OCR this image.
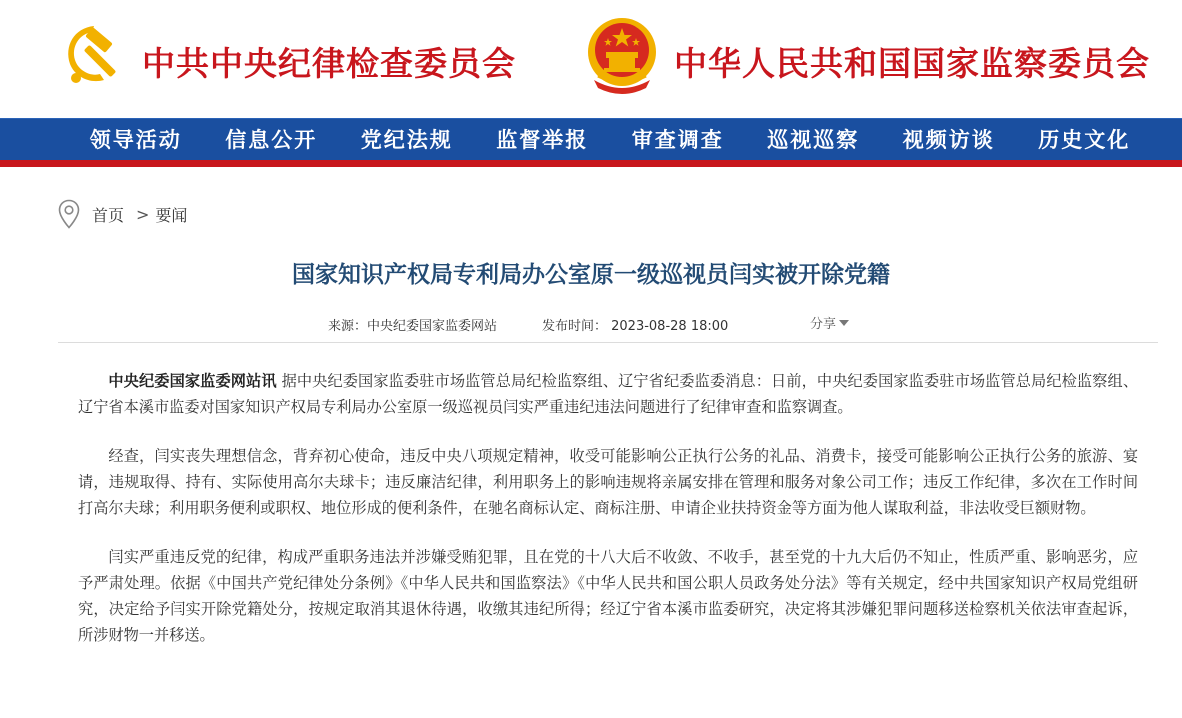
中共中央纪律检查委员会	中华人民共和国国家监察委员会
领导活动	信息公开	党纪法规	监督举报	审查调查	巡视巡察	视频访谈	历史文化
首页 > 要闻
国家知识产权局专利局办公室原一级巡视员闫实被开除党籍
来源：中央纪委国家监委网站	发布时间： 2023-08-28 18:00	分享

中央纪委国家监委网站讯 据中央纪委国家监委驻市场监管总局纪检监察组、辽宁省纪委监委消息：日前，中央纪委国家监委驻市场监管总局纪检监察组、辽宁省本溪市监委对国家知识产权局专利局办公室原一级巡视员闫实严重违纪违法问题进行了纪律审查和监察调查。

经查，闫实丧失理想信念，背弃初心使命，违反中央八项规定精神，收受可能影响公正执行公务的礼品、消费卡，接受可能影响公正执行公务的旅游、宴请，违规取得、持有、实际使用高尔夫球卡；违反廉洁纪律，利用职务上的影响违规将亲属安排在管理和服务对象公司工作；违反工作纪律，多次在工作时间打高尔夫球；利用职务便利或职权、地位形成的便利条件，在驰名商标认定、商标注册、申请企业扶持资金等方面为他人谋取利益，非法收受巨额财物。

闫实严重违反党的纪律，构成严重职务违法并涉嫌受贿犯罪，且在党的十八大后不收敛、不收手，甚至党的十九大后仍不知止，性质严重、影响恶劣，应予严肃处理。依据《中国共产党纪律处分条例》《中华人民共和国监察法》《中华人民共和国公职人员政务处分法》等有关规定，经中共国家知识产权局党组研究，决定给予闫实开除党籍处分，按规定取消其退休待遇，收缴其违纪所得；经辽宁省本溪市监委研究，决定将其涉嫌犯罪问题移送检察机关依法审查起诉，所涉财物一并移送。
